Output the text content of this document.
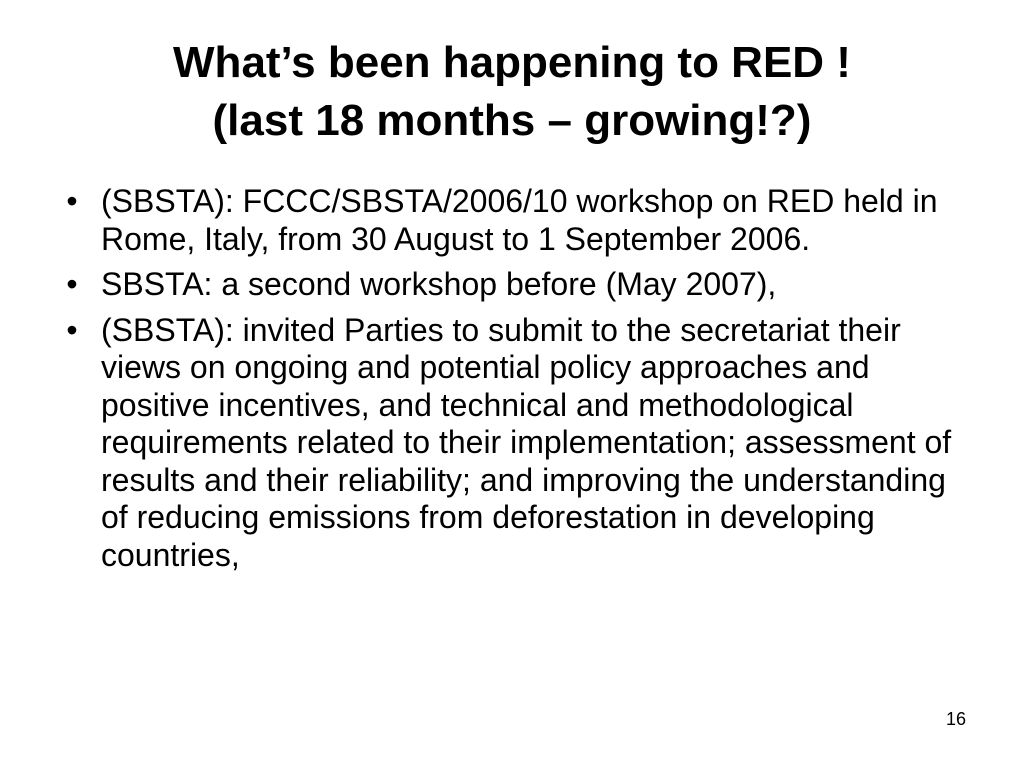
What’s been happening to RED !
(last 18 months – growing!?)
• (SBSTA): FCCC/SBSTA/2006/10 workshop on RED held in Rome, Italy, from 30 August to 1 September 2006.
• SBSTA: a second workshop before (May 2007),
• (SBSTA): invited Parties to submit to the secretariat their views on ongoing and potential policy approaches and positive incentives, and technical and methodological requirements related to their implementation; assessment of results and their reliability; and improving the understanding of reducing emissions from deforestation in developing countries,
16
